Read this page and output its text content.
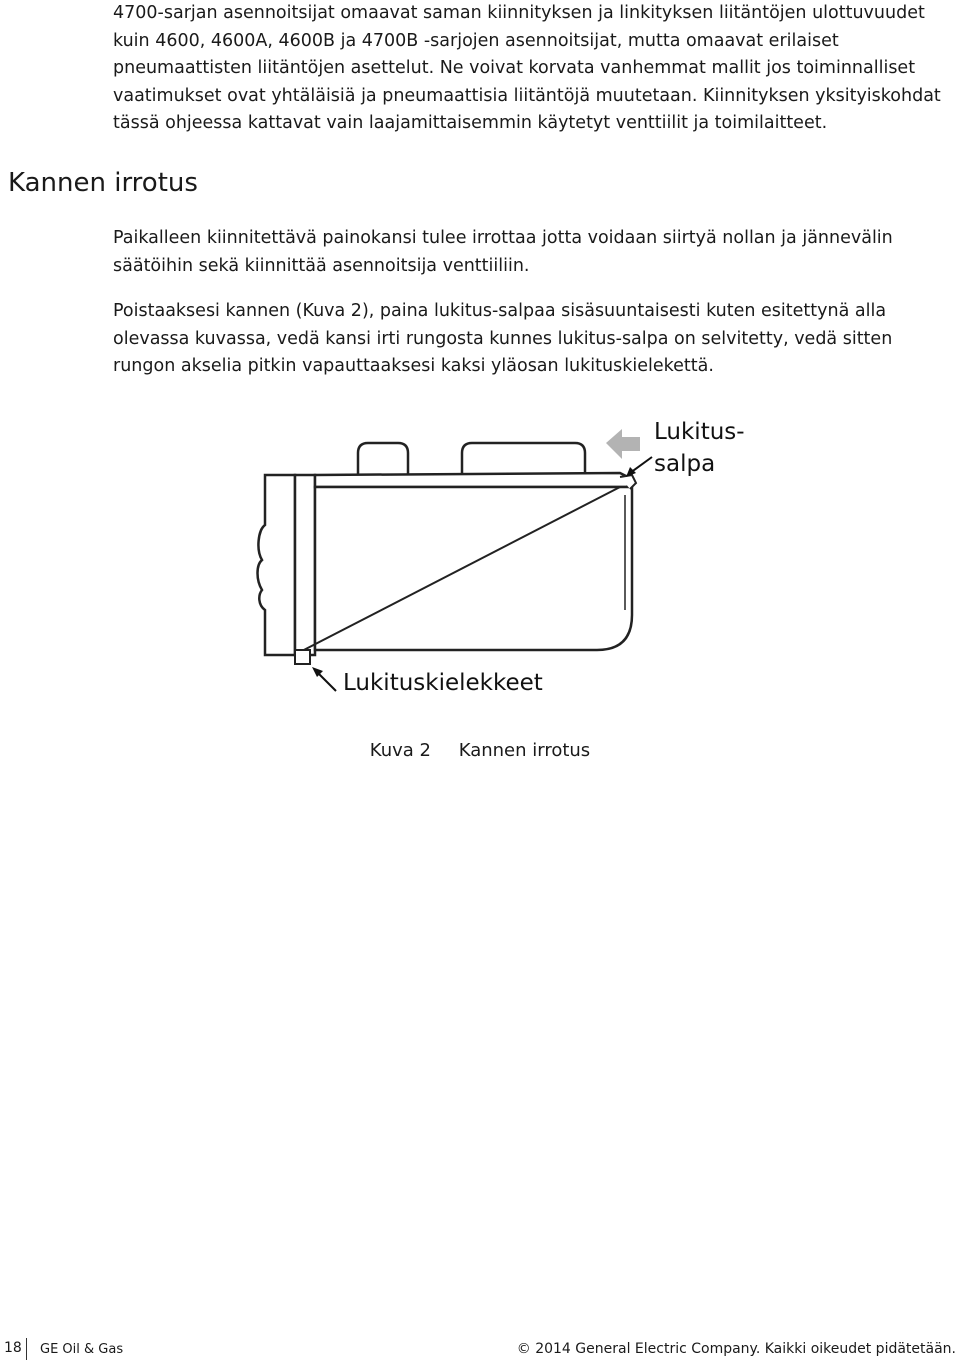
4700-sarjan asennoitsijat omaavat saman kiinnityksen ja linkityksen liitäntöjen ulottuvuudet kuin 4600, 4600A, 4600B ja 4700B -sarjojen asennoitsijat, mutta omaavat erilaiset pneumaattisten liitäntöjen asettelut. Ne voivat korvata vanhemmat mallit jos toiminnalliset vaatimukset ovat yhtäläisiä ja pneumaattisia liitäntöjä muutetaan. Kiinnityksen yksityiskohdat tässä ohjeessa kattavat vain laajamittaisemmin käytetyt venttiilit ja toimilaitteet.

Kannen irrotus

Paikalleen kiinnitettävä painokansi tulee irrottaa jotta voidaan siirtyä nollan ja jännevälin säätöihin sekä kiinnittää asennoitsija venttiiliin.

Poistaaksesi kannen (Kuva 2), paina lukitus-salpaa sisäsuuntaisesti kuten esitettynä alla olevassa kuvassa, vedä kansi irti rungosta kunnes lukitus-salpa on selvitetty, vedä sitten rungon akselia pitkin vapauttaaksesi kaksi yläosan lukituskielekettä.

Lukitus-
salpa
Lukituskielekkeet
Kuva 2 Kannen irrotus
18 GE Oil & Gas	© 2014 General Electric Company. Kaikki oikeudet pidätetään.
